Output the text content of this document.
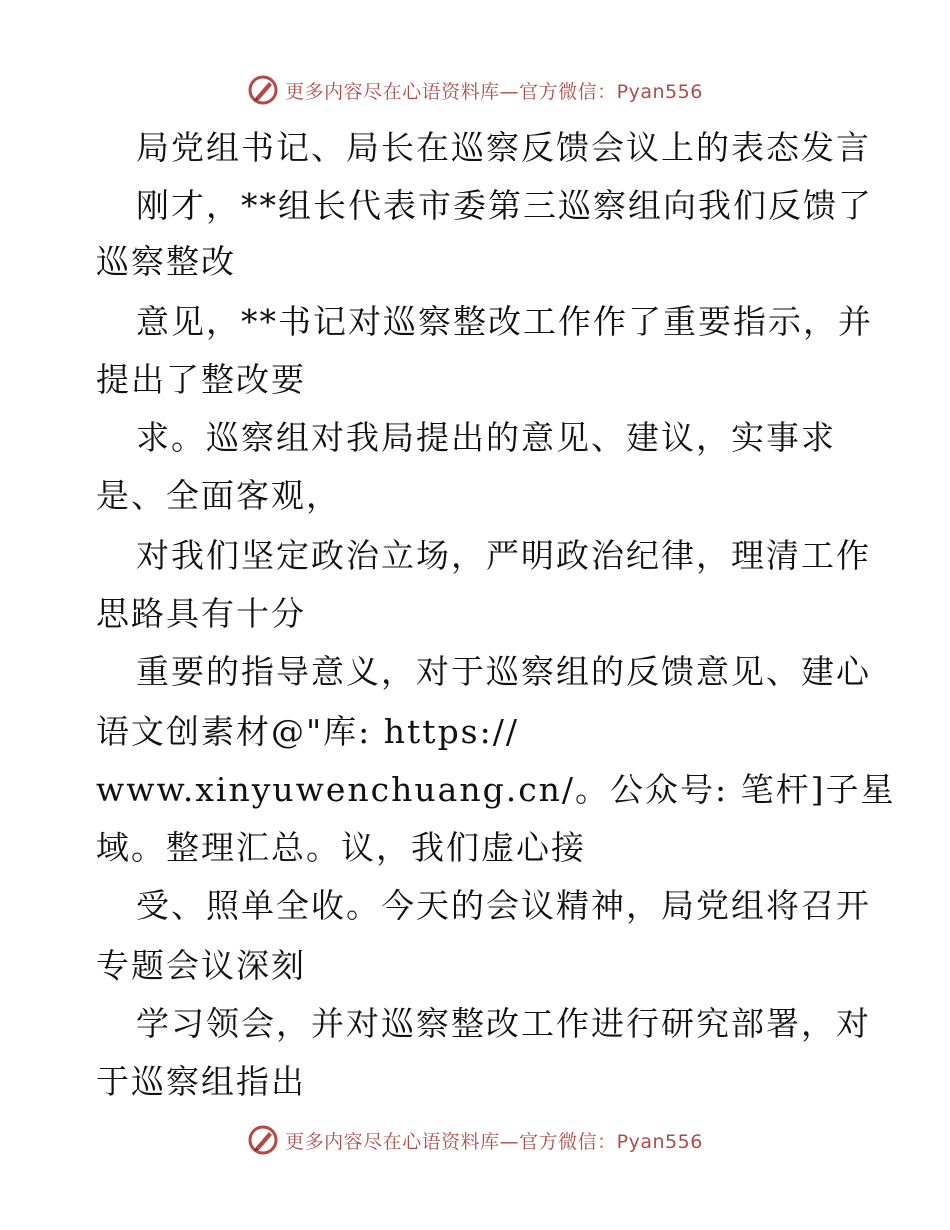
更多内容尽在心语资料库—官方微信：Pyan556
局党组书记、局长在巡察反馈会议上的表态发言
刚才，**组长代表市委第三巡察组向我们反馈了
巡察整改
意见，**书记对巡察整改工作作了重要指示，并
提出了整改要
求。巡察组对我局提出的意见、建议，实事求
是、全面客观，
对我们坚定政治立场，严明政治纪律，理清工作
思路具有十分
重要的指导意义，对于巡察组的反馈意见、建心
语文创素材@"库: https://
www.xinyuwenchuang.cn/。公众号: 笔杆]子星
域。整理汇总。议，我们虚心接
受、照单全收。今天的会议精神，局党组将召开
专题会议深刻
学习领会，并对巡察整改工作进行研究部署，对
于巡察组指出
更多内容尽在心语资料库—官方微信：Pyan556
